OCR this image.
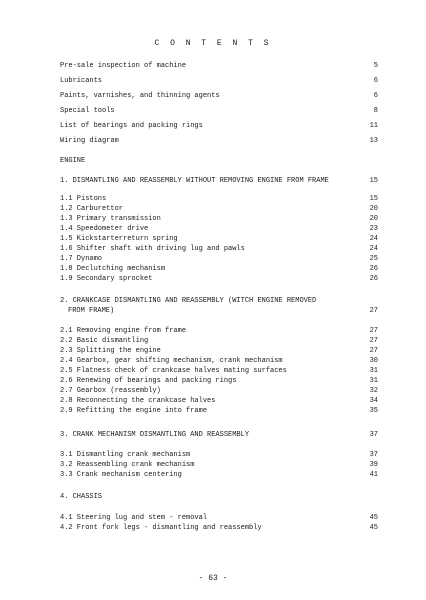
C O N T E N T S
Pre-sale inspection of machine	5
Lubricants	6
Paints, varnishes, and thinning agents	6
Special tools	8
List of bearings and packing rings	11
Wiring diagram	13
ENGINE
1. DISMANTLING AND REASSEMBLY WITHOUT REMOVING ENGINE FROM FRAME	15
1.1 Pistons	15
1.2 Carburettor	20
1.3 Primary transmission	20
1.4 Speedometer drive	23
1.5 Kickstarterreturn spring	24
1.6 Shifter shaft with driving lug and pawls	24
1.7 Dynamo	25
1.8 Declutching mechanism	26
1.9 Secondary sprocket	26
2. CRANKCASE DISMANTLING AND REASSEMBLY (WITCH ENGINE REMOVED
FROM FRAME)	27
2.1 Removing engine from frame	27
2.2 Basic dismantling	27
2.3 Splitting the engine	27
2.4 Gearbox, gear shifting mechanism, crank mechanism	30
2.5 Flatness check of crankcase halves mating surfaces	31
2.6 Renewing of bearings and packing rings	31
2.7 Gearbox (reassembly)	32
2.8 Reconnecting the crankcase halves	34
2.9 Refitting the engine into frame	35
3. CRANK MECHANISM DISMANTLING AND REASSEMBLY	37
3.1 Dismantling crank mechanism	37
3.2 Reassembling crank mechanism	39
3.3 Crank mechanism centering	41
4. CHASSIS
4.1 Steering lug and stem - removal	45
4.2 Front fork legs - dismantling and reassembly	45
- 63 -
